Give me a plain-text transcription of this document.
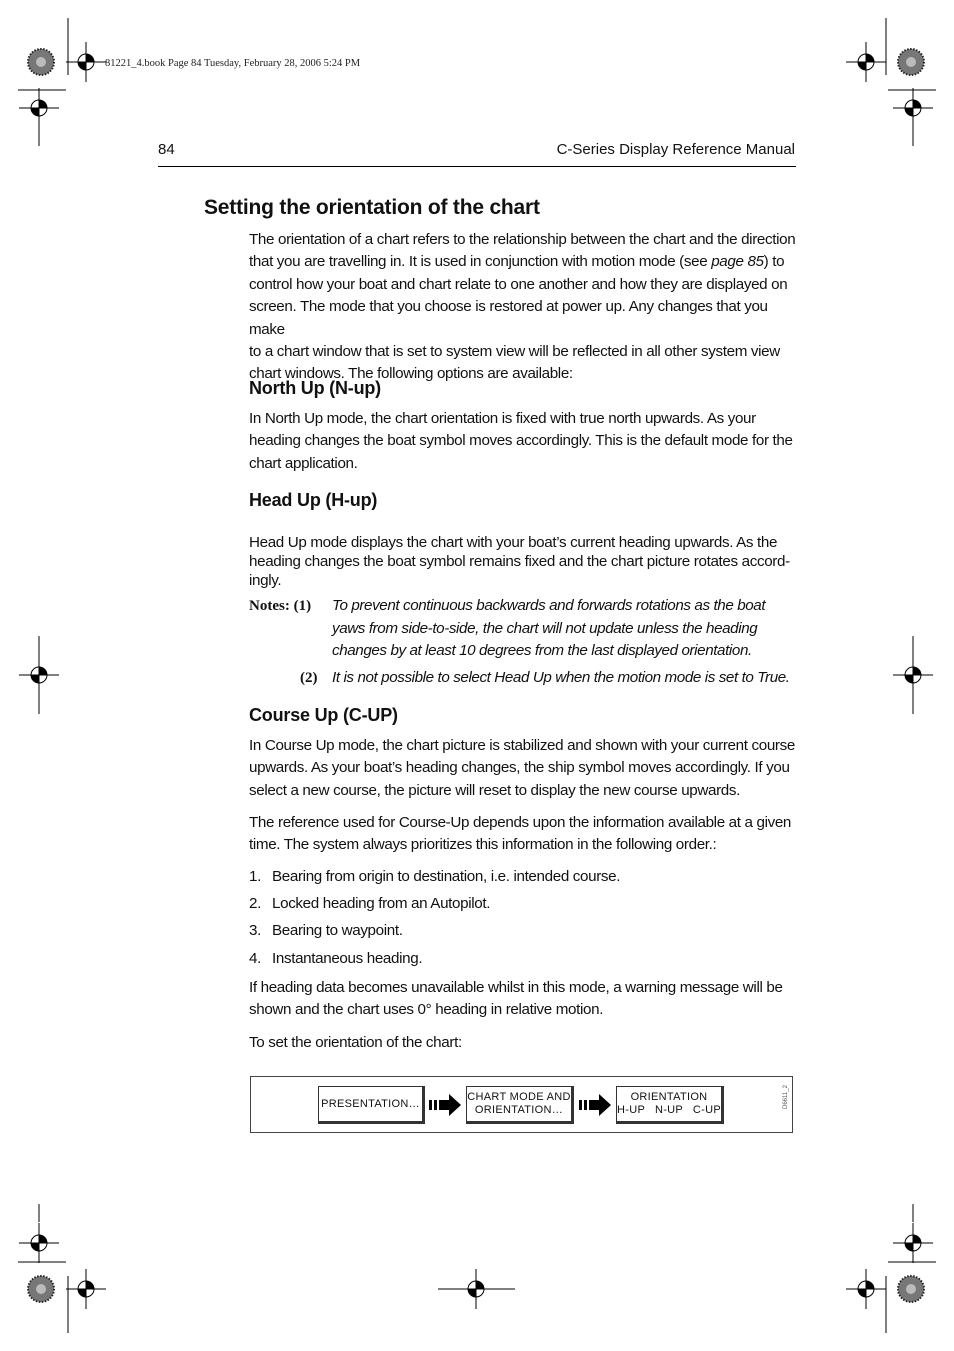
81221_4.book Page 84 Tuesday, February 28, 2006 5:24 PM
84	C-Series Display Reference Manual
Setting the orientation of the chart
The orientation of a chart refers to the relationship between the chart and the direction
that you are travelling in. It is used in conjunction with motion mode (see page 85) to
control how your boat and chart relate to one another and how they are displayed on
screen. The mode that you choose is restored at power up. Any changes that you make
to a chart window that is set to system view will be reflected in all other system view
chart windows. The following options are available:
North Up (N-up)
In North Up mode, the chart orientation is fixed with true north upwards. As your
heading changes the boat symbol moves accordingly. This is the default mode for the
chart application.
Head Up (H-up)
Head Up mode displays the chart with your boat’s current heading upwards. As the
heading changes the boat symbol remains fixed and the chart picture rotates accord-
ingly.
Notes: (1) To prevent continuous backwards and forwards rotations as the boat
yaws from side-to-side, the chart will not update unless the heading
changes by at least 10 degrees from the last displayed orientation.
(2) It is not possible to select Head Up when the motion mode is set to True.
Course Up (C-UP)
In Course Up mode, the chart picture is stabilized and shown with your current course
upwards. As your boat’s heading changes, the ship symbol moves accordingly. If you
select a new course, the picture will reset to display the new course upwards.
The reference used for Course-Up depends upon the information available at a given
time. The system always prioritizes this information in the following order.:
1. Bearing from origin to destination, i.e. intended course.
2. Locked heading from an Autopilot.
3. Bearing to waypoint.
4. Instantaneous heading.
If heading data becomes unavailable whilst in this mode, a warning message will be
shown and the chart uses 0° heading in relative motion.
To set the orientation of the chart:
PRESENTATION…
CHART MODE AND
ORIENTATION…
ORIENTATION
H-UP   N-UP   C-UP
D6611_2
